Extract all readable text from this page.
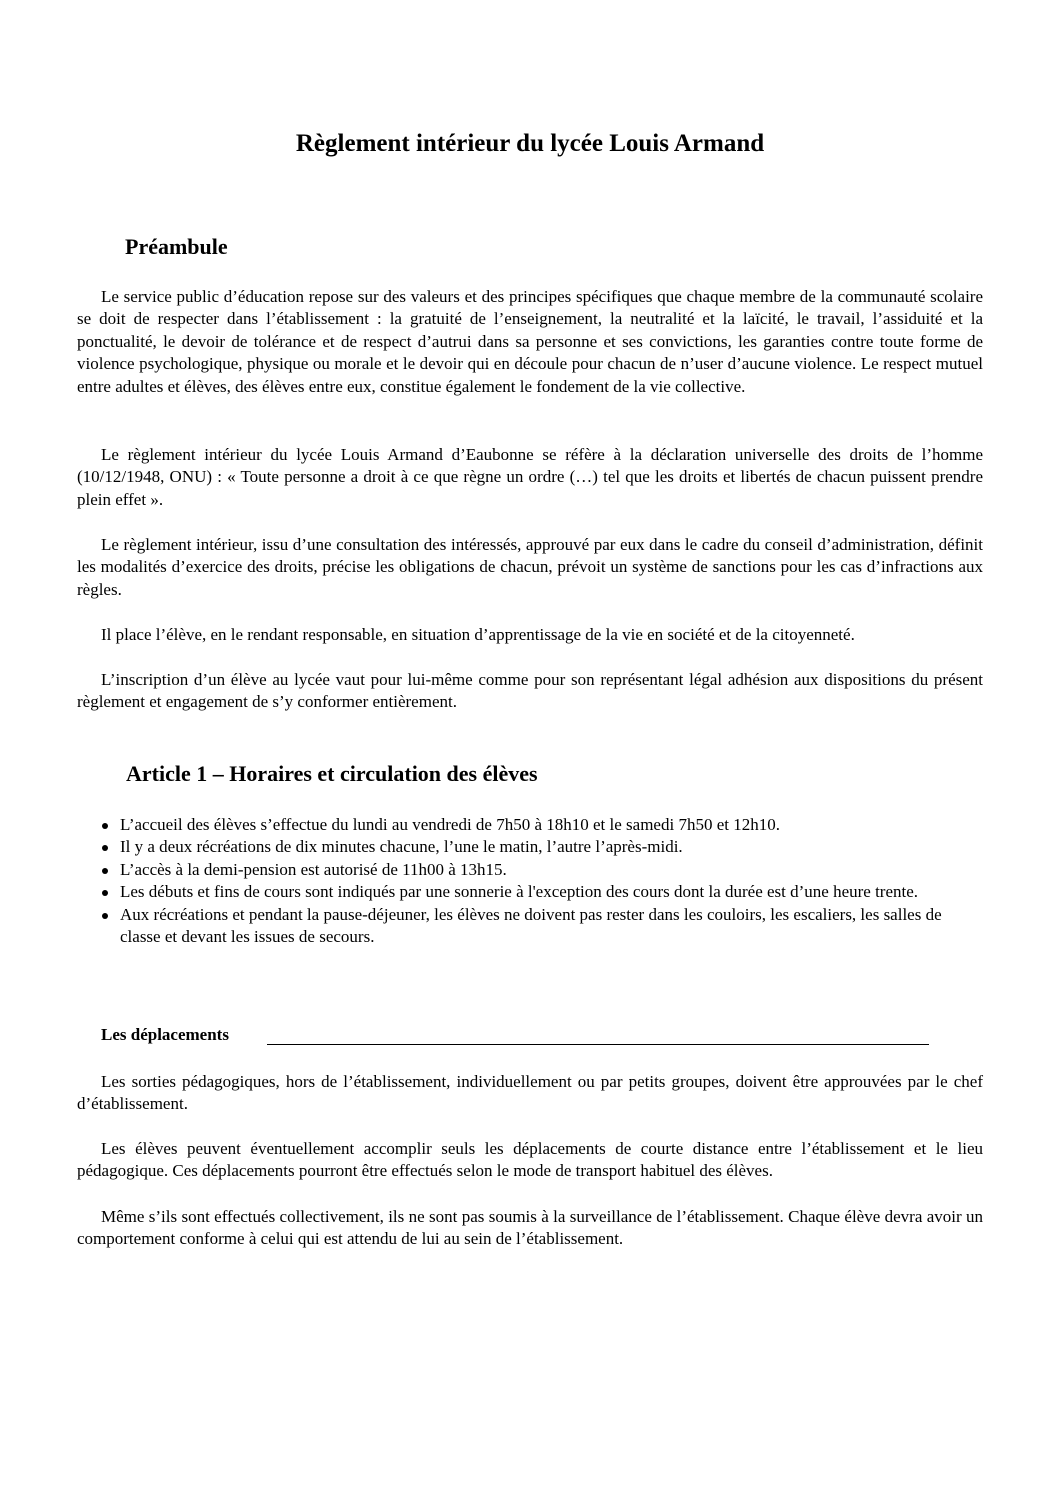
Règlement intérieur du lycée Louis Armand
Préambule

Le service public d’éducation repose sur des valeurs et des principes spécifiques que chaque membre de la communauté scolaire se doit de respecter dans l’établissement : la gratuité de l’enseignement, la neutralité et la laïcité, le travail, l’assiduité et la ponctualité, le devoir de tolérance et de respect d’autrui dans sa personne et ses convictions, les garanties contre toute forme de violence psychologique, physique ou morale et le devoir qui en découle pour chacun de n’user d’aucune violence. Le respect mutuel entre adultes et élèves, des élèves entre eux, constitue également le fondement de la vie collective.

Le règlement intérieur du lycée Louis Armand d’Eaubonne se réfère à la déclaration universelle des droits de l’homme (10/12/1948, ONU) : « Toute personne a droit à ce que règne un ordre (…) tel que les droits et libertés de chacun puissent prendre plein effet ».

Le règlement intérieur, issu d’une consultation des intéressés, approuvé par eux dans le cadre du conseil d’administration, définit les modalités d’exercice des droits, précise les obligations de chacun, prévoit un système de sanctions pour les cas d’infractions aux règles.

Il place l’élève, en le rendant responsable, en situation d’apprentissage de la vie en société et de la citoyenneté.

L’inscription d’un élève au lycée vaut pour lui-même comme pour son représentant légal adhésion aux dispositions du présent règlement et engagement de s’y conformer entièrement.

Article 1 – Horaires et circulation des élèves
L’accueil des élèves s’effectue du lundi au vendredi de 7h50 à 18h10 et le samedi 7h50 et 12h10.
Il y a deux récréations de dix minutes chacune, l’une le matin, l’autre l’après-midi.
L’accès à la demi-pension est autorisé de 11h00 à 13h15.
Les débuts et fins de cours sont indiqués par une sonnerie à l'exception des cours dont la durée est d’une heure trente.
Aux récréations et pendant la pause-déjeuner, les élèves ne doivent pas rester dans les couloirs, les escaliers, les salles de classe et devant les issues de secours.
Les déplacements

Les sorties pédagogiques, hors de l’établissement, individuellement ou par petits groupes, doivent être approuvées par le chef d’établissement.

Les élèves peuvent éventuellement accomplir seuls les déplacements de courte distance entre l’établissement et le lieu pédagogique. Ces déplacements pourront être effectués selon le mode de transport habituel des élèves.

Même s’ils sont effectués collectivement, ils ne sont pas soumis à la surveillance de l’établissement. Chaque élève devra avoir un comportement conforme à celui qui est attendu de lui au sein de l’établissement.
